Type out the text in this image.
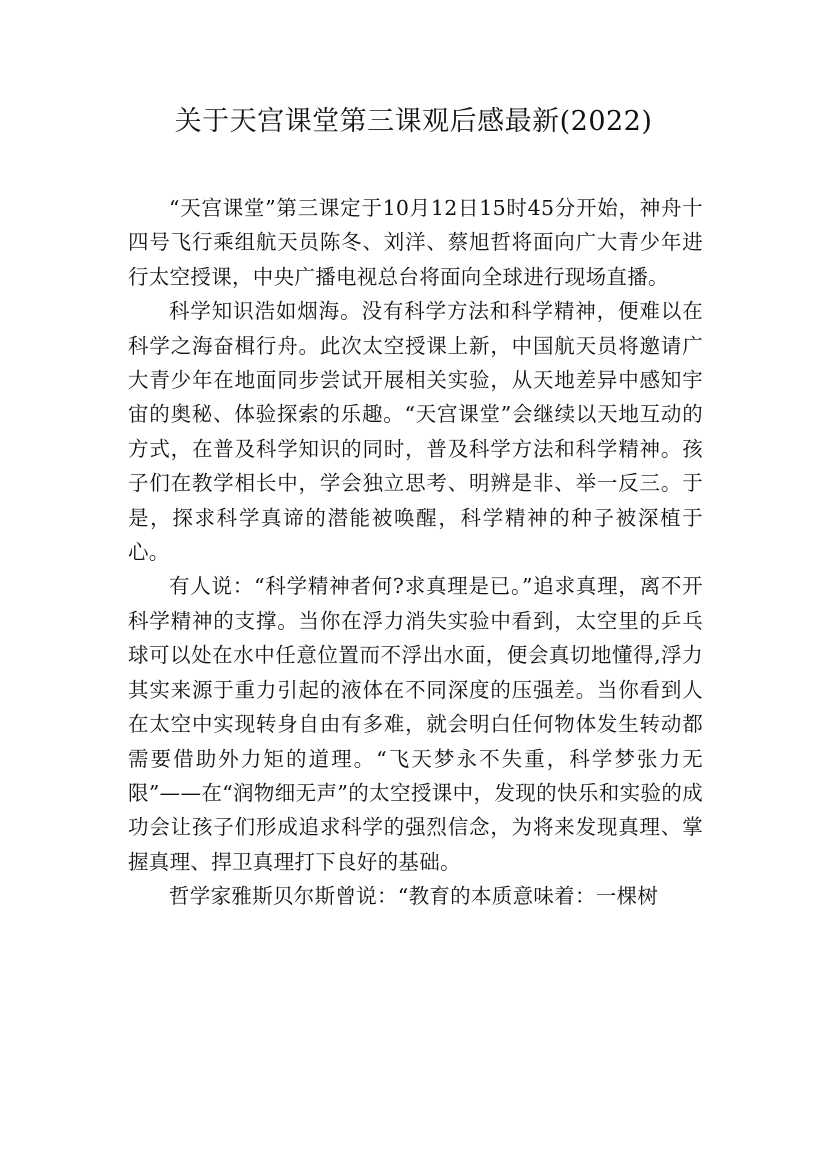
关于天宫课堂第三课观后感最新(2022)

“天宫课堂”第三课定于10月12日15时45分开始，神舟十四号飞行乘组航天员陈冬、刘洋、蔡旭哲将面向广大青少年进行太空授课，中央广播电视总台将面向全球进行现场直播。

科学知识浩如烟海。没有科学方法和科学精神，便难以在科学之海奋楫行舟。此次太空授课上新，中国航天员将邀请广大青少年在地面同步尝试开展相关实验，从天地差异中感知宇宙的奥秘、体验探索的乐趣。“天宫课堂”会继续以天地互动的方式，在普及科学知识的同时，普及科学方法和科学精神。孩子们在教学相长中，学会独立思考、明辨是非、举一反三。于是，探求科学真谛的潜能被唤醒，科学精神的种子被深植于心。

有人说：“科学精神者何?求真理是已。”追求真理，离不开科学精神的支撑。当你在浮力消失实验中看到，太空里的乒乓球可以处在水中任意位置而不浮出水面，便会真切地懂得,浮力其实来源于重力引起的液体在不同深度的压强差。当你看到人在太空中实现转身自由有多难，就会明白任何物体发生转动都需要借助外力矩的道理。“飞天梦永不失重，科学梦张力无限”——在“润物细无声”的太空授课中，发现的快乐和实验的成功会让孩子们形成追求科学的强烈信念，为将来发现真理、掌握真理、捍卫真理打下良好的基础。

哲学家雅斯贝尔斯曾说：“教育的本质意味着：一棵树
